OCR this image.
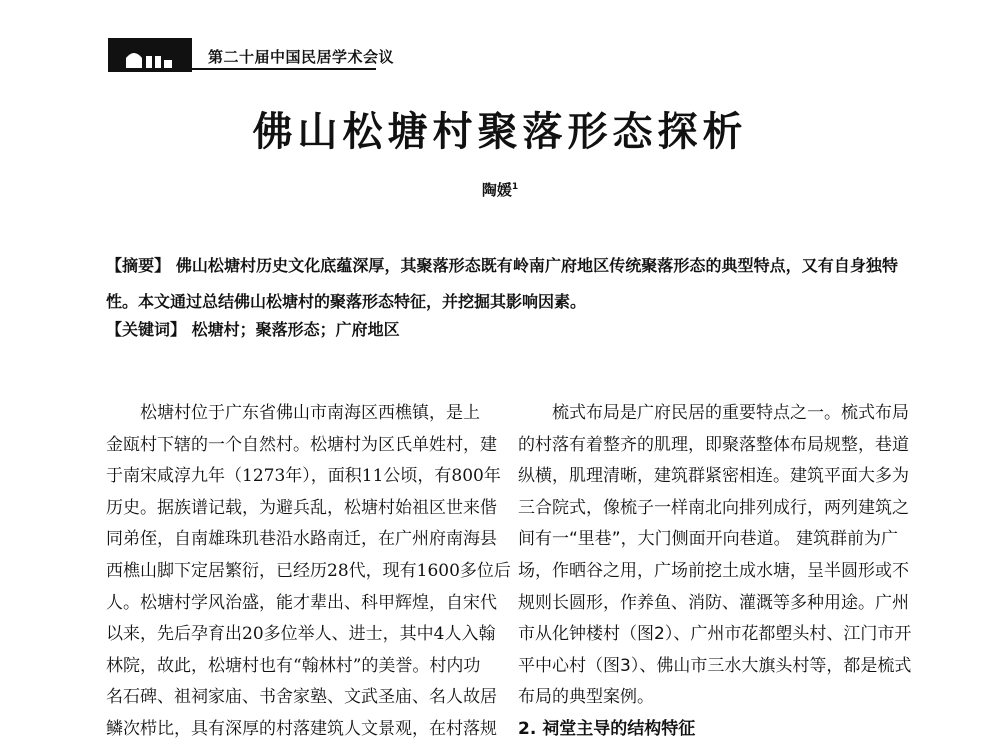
第二十届中国民居学术会议
佛山松塘村聚落形态探析
陶媛$^1$
【摘要】 佛山松塘村历史文化底蕴深厚，其聚落形态既有岭南广府地区传统聚落形态的典型特点，又有自身独特性。本文通过总结佛山松塘村的聚落形态特征，并挖掘其影响因素。
【关键词】 松塘村；聚落形态；广府地区
松塘村位于广东省佛山市南海区西樵镇，是上
金瓯村下辖的一个自然村。松塘村为区氏单姓村，建
于南宋咸淳九年（1273年），面积11公顷，有800年
历史。据族谱记载，为避兵乱，松塘村始祖区世来偕
同弟侄，自南雄珠玑巷沿水路南迁，在广州府南海县
西樵山脚下定居繁衍，已经历28代，现有1600多位后
人。松塘村学风治盛，能才辈出、科甲辉煌，自宋代
以来，先后孕育出20多位举人、进士，其中4人入翰
林院，故此，松塘村也有“翰林村”的美誉。村内功
名石碑、祖祠家庙、书舍家塾、文武圣庙、名人故居
鳞次栉比，具有深厚的村落建筑人文景观，在村落规
梳式布局是广府民居的重要特点之一。梳式布局
的村落有着整齐的肌理，即聚落整体布局规整，巷道
纵横，肌理清晰，建筑群紧密相连。建筑平面大多为
三合院式，像梳子一样南北向排列成行，两列建筑之
间有一“里巷”，大门侧面开向巷道。 建筑群前为广
场，作晒谷之用，广场前挖土成水塘，呈半圆形或不
规则长圆形，作养鱼、消防、灌溉等多种用途。广州
市从化钟楼村（图2）、广州市花都塱头村、江门市开
平中心村（图3）、佛山市三水大旗头村等，都是梳式
布局的典型案例。
2. 祠堂主导的结构特征
